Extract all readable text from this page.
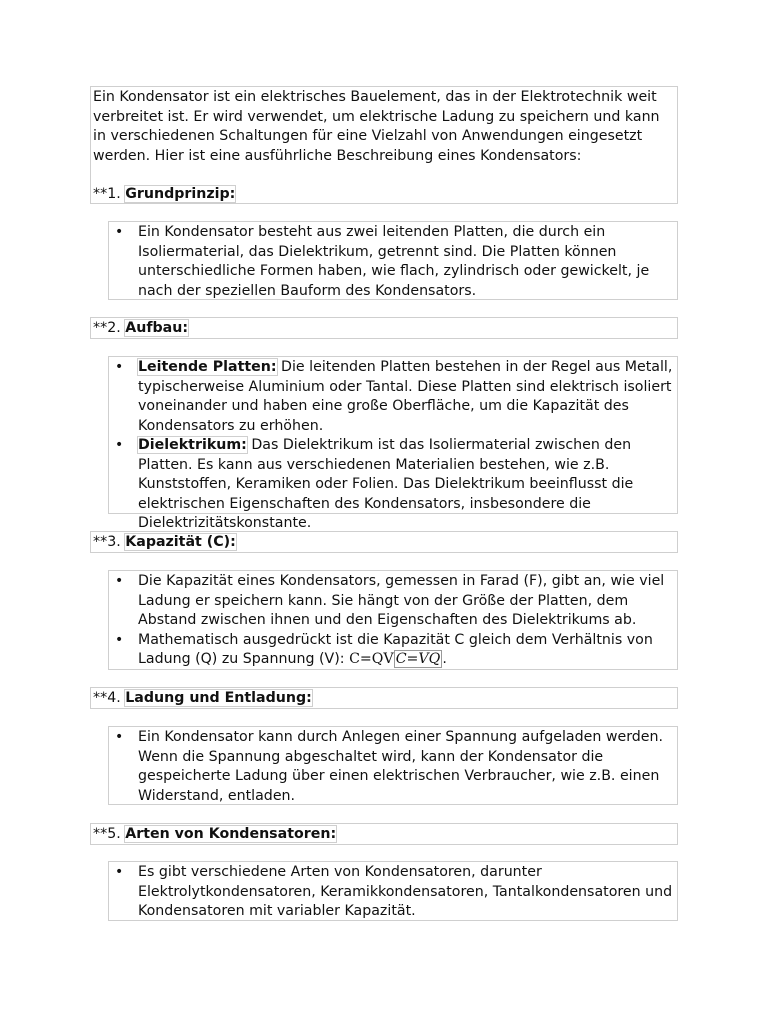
Ein Kondensator ist ein elektrisches Bauelement, das in der Elektrotechnik weit verbreitet ist. Er wird verwendet, um elektrische Ladung zu speichern und kann in verschiedenen Schaltungen für eine Vielzahl von Anwendungen eingesetzt werden. Hier ist eine ausführliche Beschreibung eines Kondensators:

**1. Grundprinzip:

• Ein Kondensator besteht aus zwei leitenden Platten, die durch ein Isoliermaterial, das Dielektrikum, getrennt sind. Die Platten können unterschiedliche Formen haben, wie flach, zylindrisch oder gewickelt, je nach der speziellen Bauform des Kondensators.
**2. Aufbau:
• Leitende Platten: Die leitenden Platten bestehen in der Regel aus Metall, typischerweise Aluminium oder Tantal. Diese Platten sind elektrisch isoliert voneinander und haben eine große Oberfläche, um die Kapazität des Kondensators zu erhöhen.
• Dielektrikum: Das Dielektrikum ist das Isoliermaterial zwischen den Platten. Es kann aus verschiedenen Materialien bestehen, wie z.B. Kunststoffen, Keramiken oder Folien. Das Dielektrikum beeinflusst die elektrischen Eigenschaften des Kondensators, insbesondere die Dielektrizitätskonstante.
**3. Kapazität (C):
• Die Kapazität eines Kondensators, gemessen in Farad (F), gibt an, wie viel Ladung er speichern kann. Sie hängt von der Größe der Platten, dem Abstand zwischen ihnen und den Eigenschaften des Dielektrikums ab.
• Mathematisch ausgedrückt ist die Kapazität C gleich dem Verhältnis von Ladung (Q) zu Spannung (V): C=QV C=VQ .
**4. Ladung und Entladung:
• Ein Kondensator kann durch Anlegen einer Spannung aufgeladen werden. Wenn die Spannung abgeschaltet wird, kann der Kondensator die gespeicherte Ladung über einen elektrischen Verbraucher, wie z.B. einen Widerstand, entladen.
**5. Arten von Kondensatoren:
• Es gibt verschiedene Arten von Kondensatoren, darunter Elektrolytkondensatoren, Keramikkondensatoren, Tantalkondensatoren und Kondensatoren mit variabler Kapazität.
